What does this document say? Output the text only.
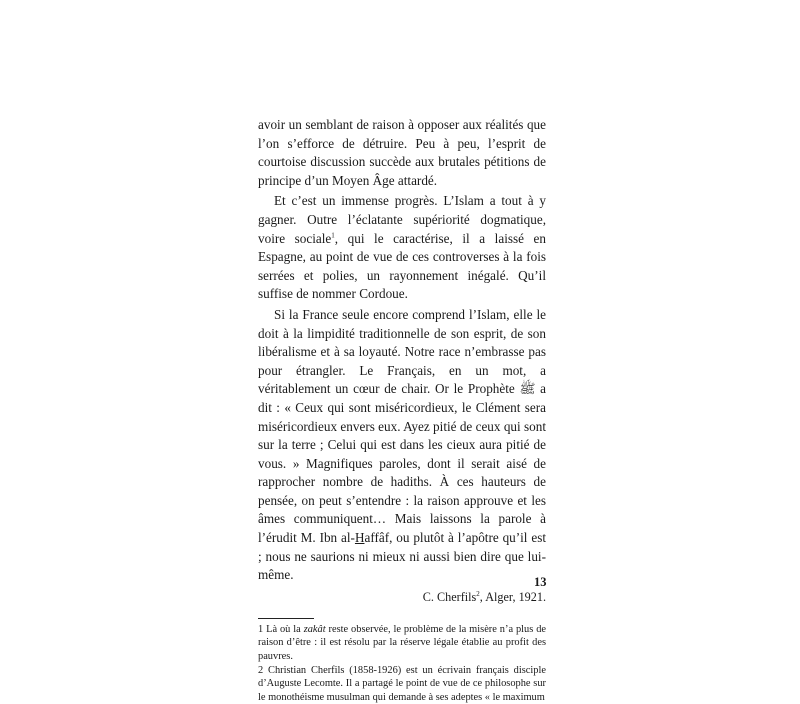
avoir un semblant de raison à opposer aux réalités que l’on s’efforce de détruire. Peu à peu, l’esprit de courtoise discussion succède aux brutales pétitions de principe d’un Moyen Âge attardé.

Et c’est un immense progrès. L’Islam a tout à y gagner. Outre l’éclatante supériorité dogmatique, voire sociale$^1$, qui le caractérise, il a laissé en Espagne, au point de vue de ces controverses à la fois serrées et polies, un rayonnement inégalé. Qu’il suffise de nommer Cordoue.

Si la France seule encore comprend l’Islam, elle le doit à la limpidité traditionnelle de son esprit, de son libéralisme et à sa loyauté. Notre race n’embrasse pas pour étrangler. Le Français, en un mot, a véritablement un cœur de chair. Or le Prophète ﷺ a dit : « Ceux qui sont miséricordieux, le Clément sera miséricordieux envers eux. Ayez pitié de ceux qui sont sur la terre ; Celui qui est dans les cieux aura pitié de vous. » Magnifiques paroles, dont il serait aisé de rapprocher nombre de hadiths. À ces hauteurs de pensée, on peut s’entendre : la raison approuve et les âmes communiquent… Mais laissons la parole à l’érudit M. Ibn al-Haffâf, ou plutôt à l’apôtre qu’il est ; nous ne saurions ni mieux ni aussi bien dire que lui-même.

C. Cherfils$^2$, Alger, 1921.

1 Là où la zakât reste observée, le problème de la misère n’a plus de raison d’être : il est résolu par la réserve légale établie au profit des pauvres.

2 Christian Cherfils (1858-1926) est un écrivain français disciple d’Auguste Lecomte. Il a partagé le point de vue de ce philosophe sur le monothéisme musulman qui demande à ses adeptes « le maximum

13
